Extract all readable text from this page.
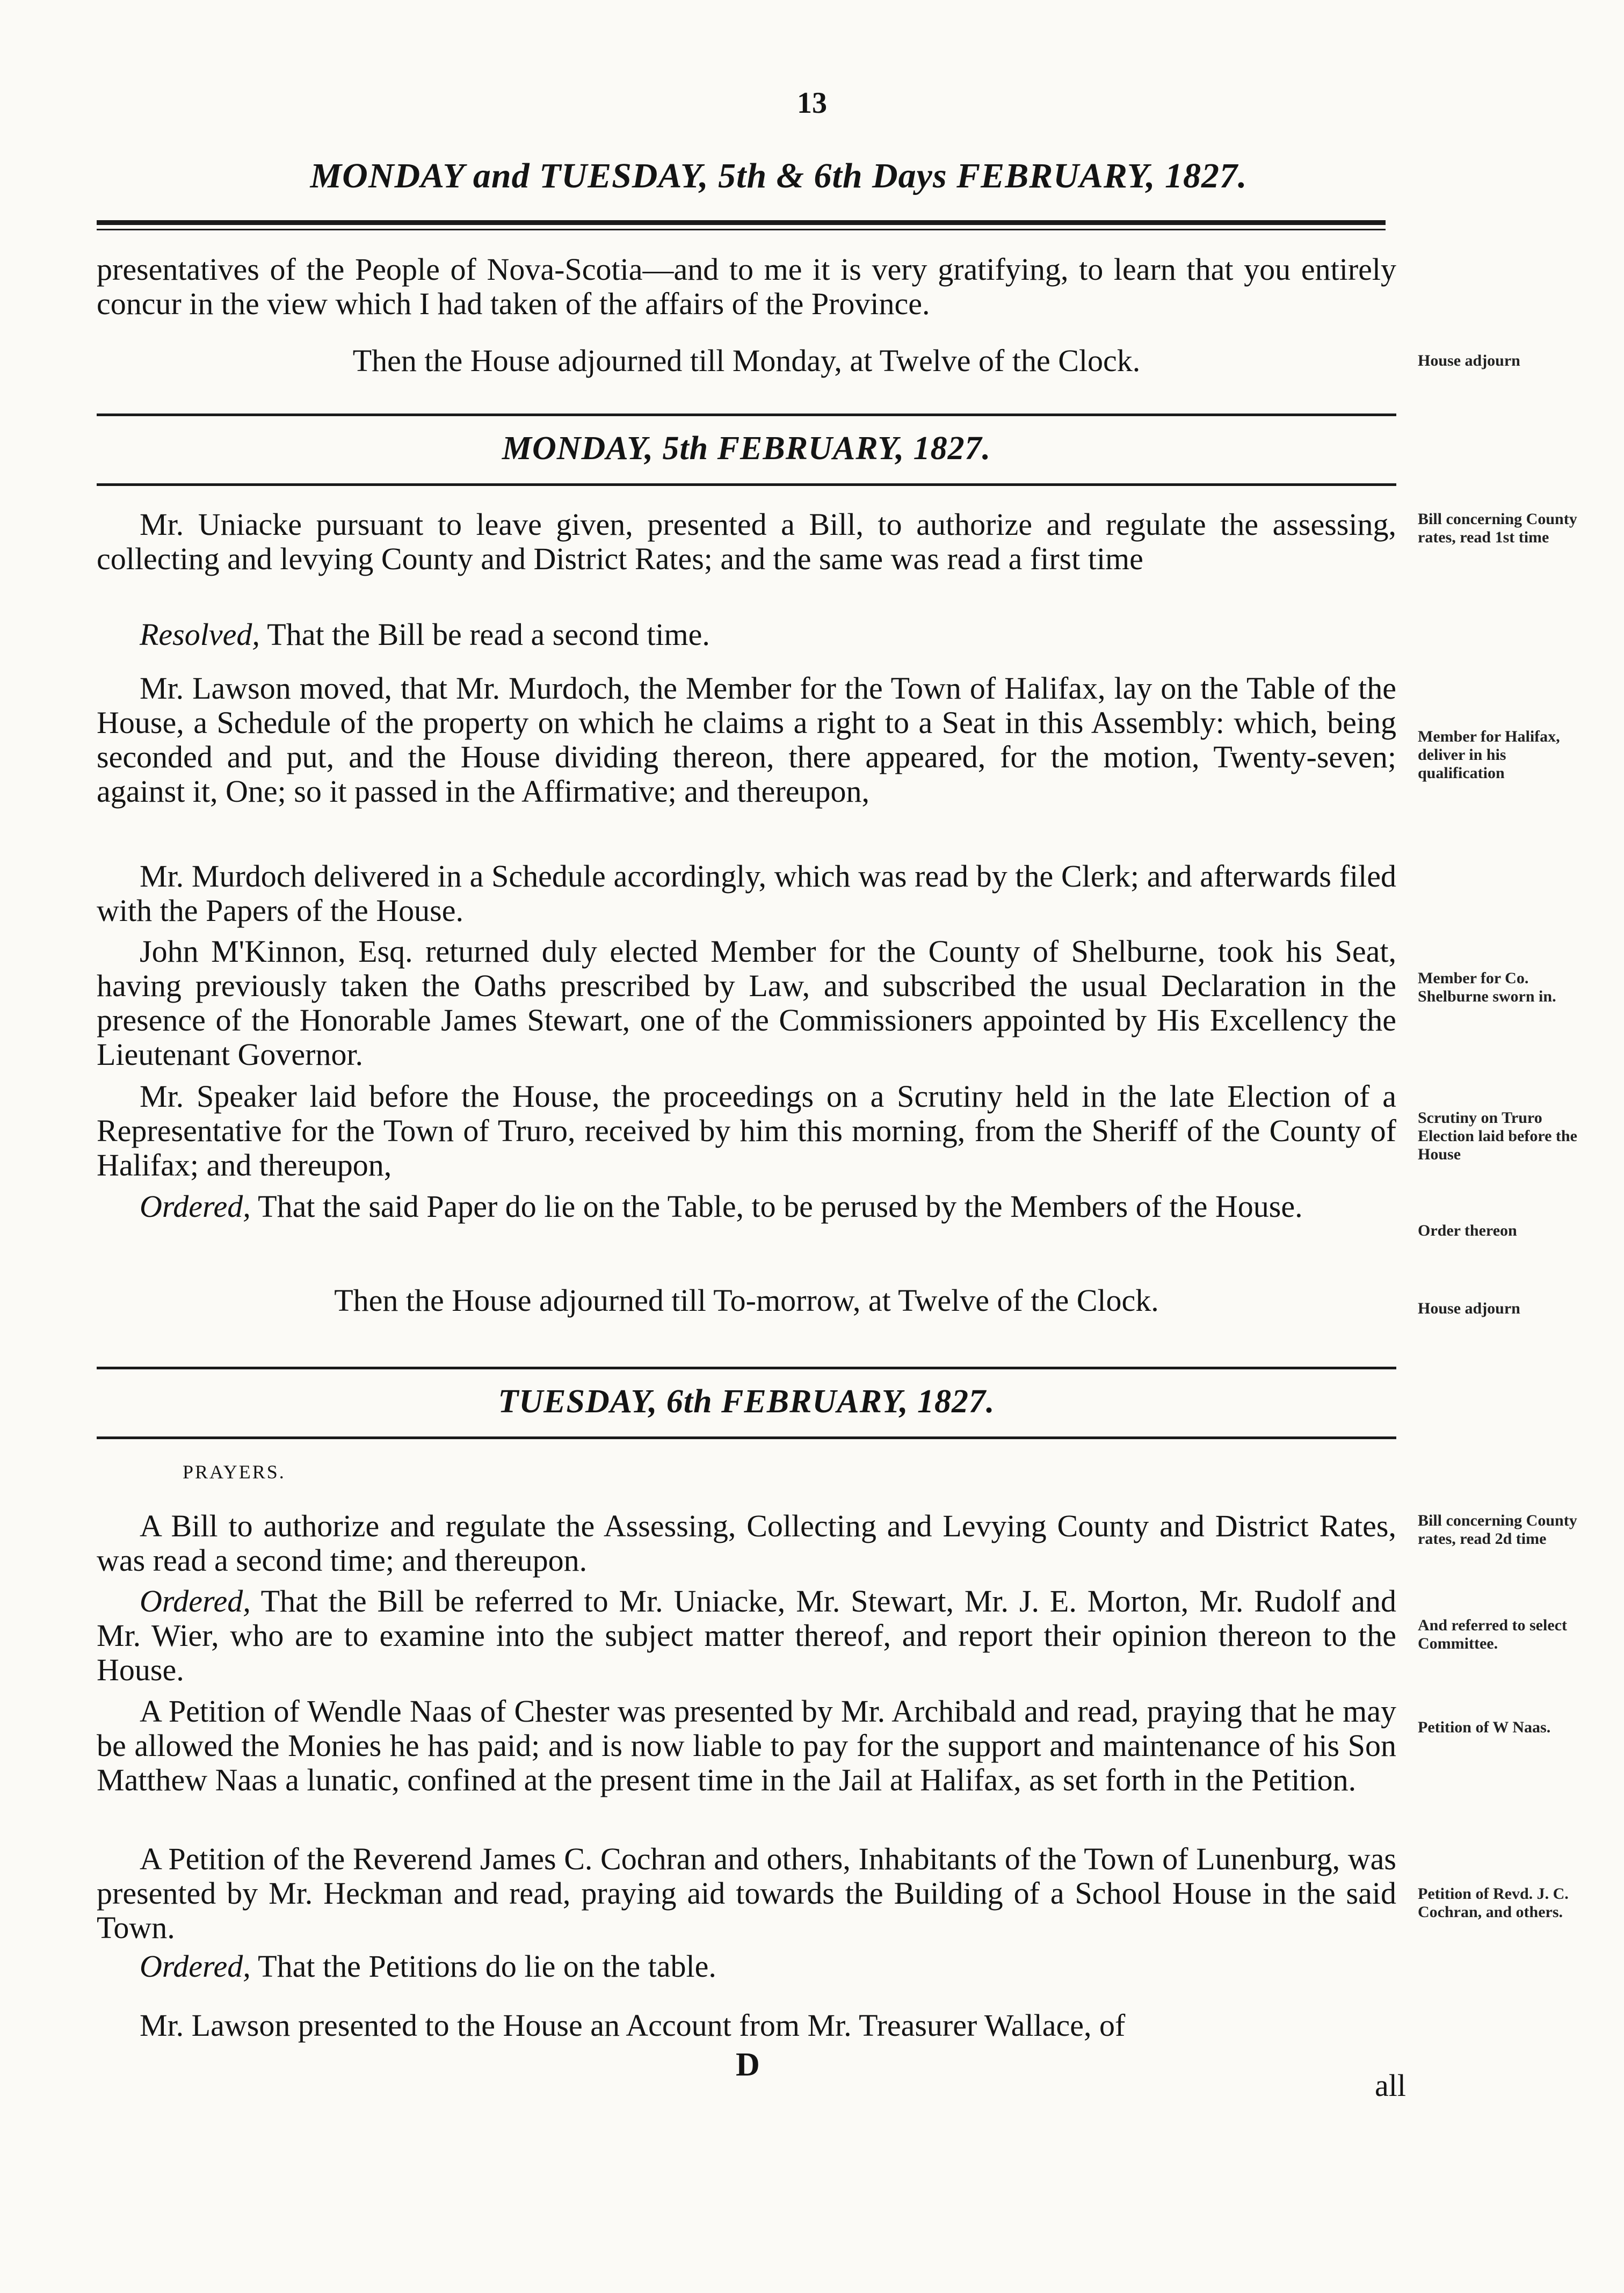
13
MONDAY and TUESDAY, 5th & 6th Days FEBRUARY, 1827.
presentatives of the People of Nova-Scotia—and to me it is very gratifying, to learn that you entirely concur in the view which I had taken of the affairs of the Province.
Then the House adjourned till Monday, at Twelve of the Clock.	House adjourn
MONDAY, 5th FEBRUARY, 1827.
Mr. Uniacke pursuant to leave given, presented a Bill, to authorize and regulate the assessing, collecting and levying County and District Rates; and the same was read a first time
Bill concerning County rates, read 1st time
Resolved, That the Bill be read a second time.
Mr. Lawson moved, that Mr. Murdoch, the Member for the Town of Halifax, lay on the Table of the House, a Schedule of the property on which he claims a right to a Seat in this Assembly: which, being seconded and put, and the House dividing thereon, there appeared, for the motion, Twenty-seven; against it, One; so it passed in the Affirmative; and thereupon,
Member for Halifax, deliver in his qualification
Mr. Murdoch delivered in a Schedule accordingly, which was read by the Clerk; and afterwards filed with the Papers of the House.
John M'Kinnon, Esq. returned duly elected Member for the County of Shelburne, took his Seat, having previously taken the Oaths prescribed by Law, and subscribed the usual Declaration in the presence of the Honorable James Stewart, one of the Commissioners appointed by His Excellency the Lieutenant Governor.
Member for Co. Shelburne sworn in.
Mr. Speaker laid before the House, the proceedings on a Scrutiny held in the late Election of a Representative for the Town of Truro, received by him this morning, from the Sheriff of the County of Halifax; and thereupon,
Scrutiny on Truro Election laid before the House
Ordered, That the said Paper do lie on the Table, to be perused by the Members of the House.
Order thereon
Then the House adjourned till To-morrow, at Twelve of the Clock.	House adjourn
TUESDAY, 6th FEBRUARY, 1827.
PRAYERS.
A Bill to authorize and regulate the Assessing, Collecting and Levying County and District Rates, was read a second time; and thereupon.
Bill concerning County rates, read 2d time
Ordered, That the Bill be referred to Mr. Uniacke, Mr. Stewart, Mr. J. E. Morton, Mr. Rudolf and Mr. Wier, who are to examine into the subject matter thereof, and report their opinion thereon to the House.
And referred to select Committee.
A Petition of Wendle Naas of Chester was presented by Mr. Archibald and read, praying that he may be allowed the Monies he has paid; and is now liable to pay for the support and maintenance of his Son Matthew Naas a lunatic, confined at the present time in the Jail at Halifax, as set forth in the Petition.
Petition of W Naas.
A Petition of the Reverend James C. Cochran and others, Inhabitants of the Town of Lunenburg, was presented by Mr. Heckman and read, praying aid towards the Building of a School House in the said Town.
Petition of Revd. J. C. Cochran, and others.
Ordered, That the Petitions do lie on the table.
Mr. Lawson presented to the House an Account from Mr. Treasurer Wallace, of
D
all
